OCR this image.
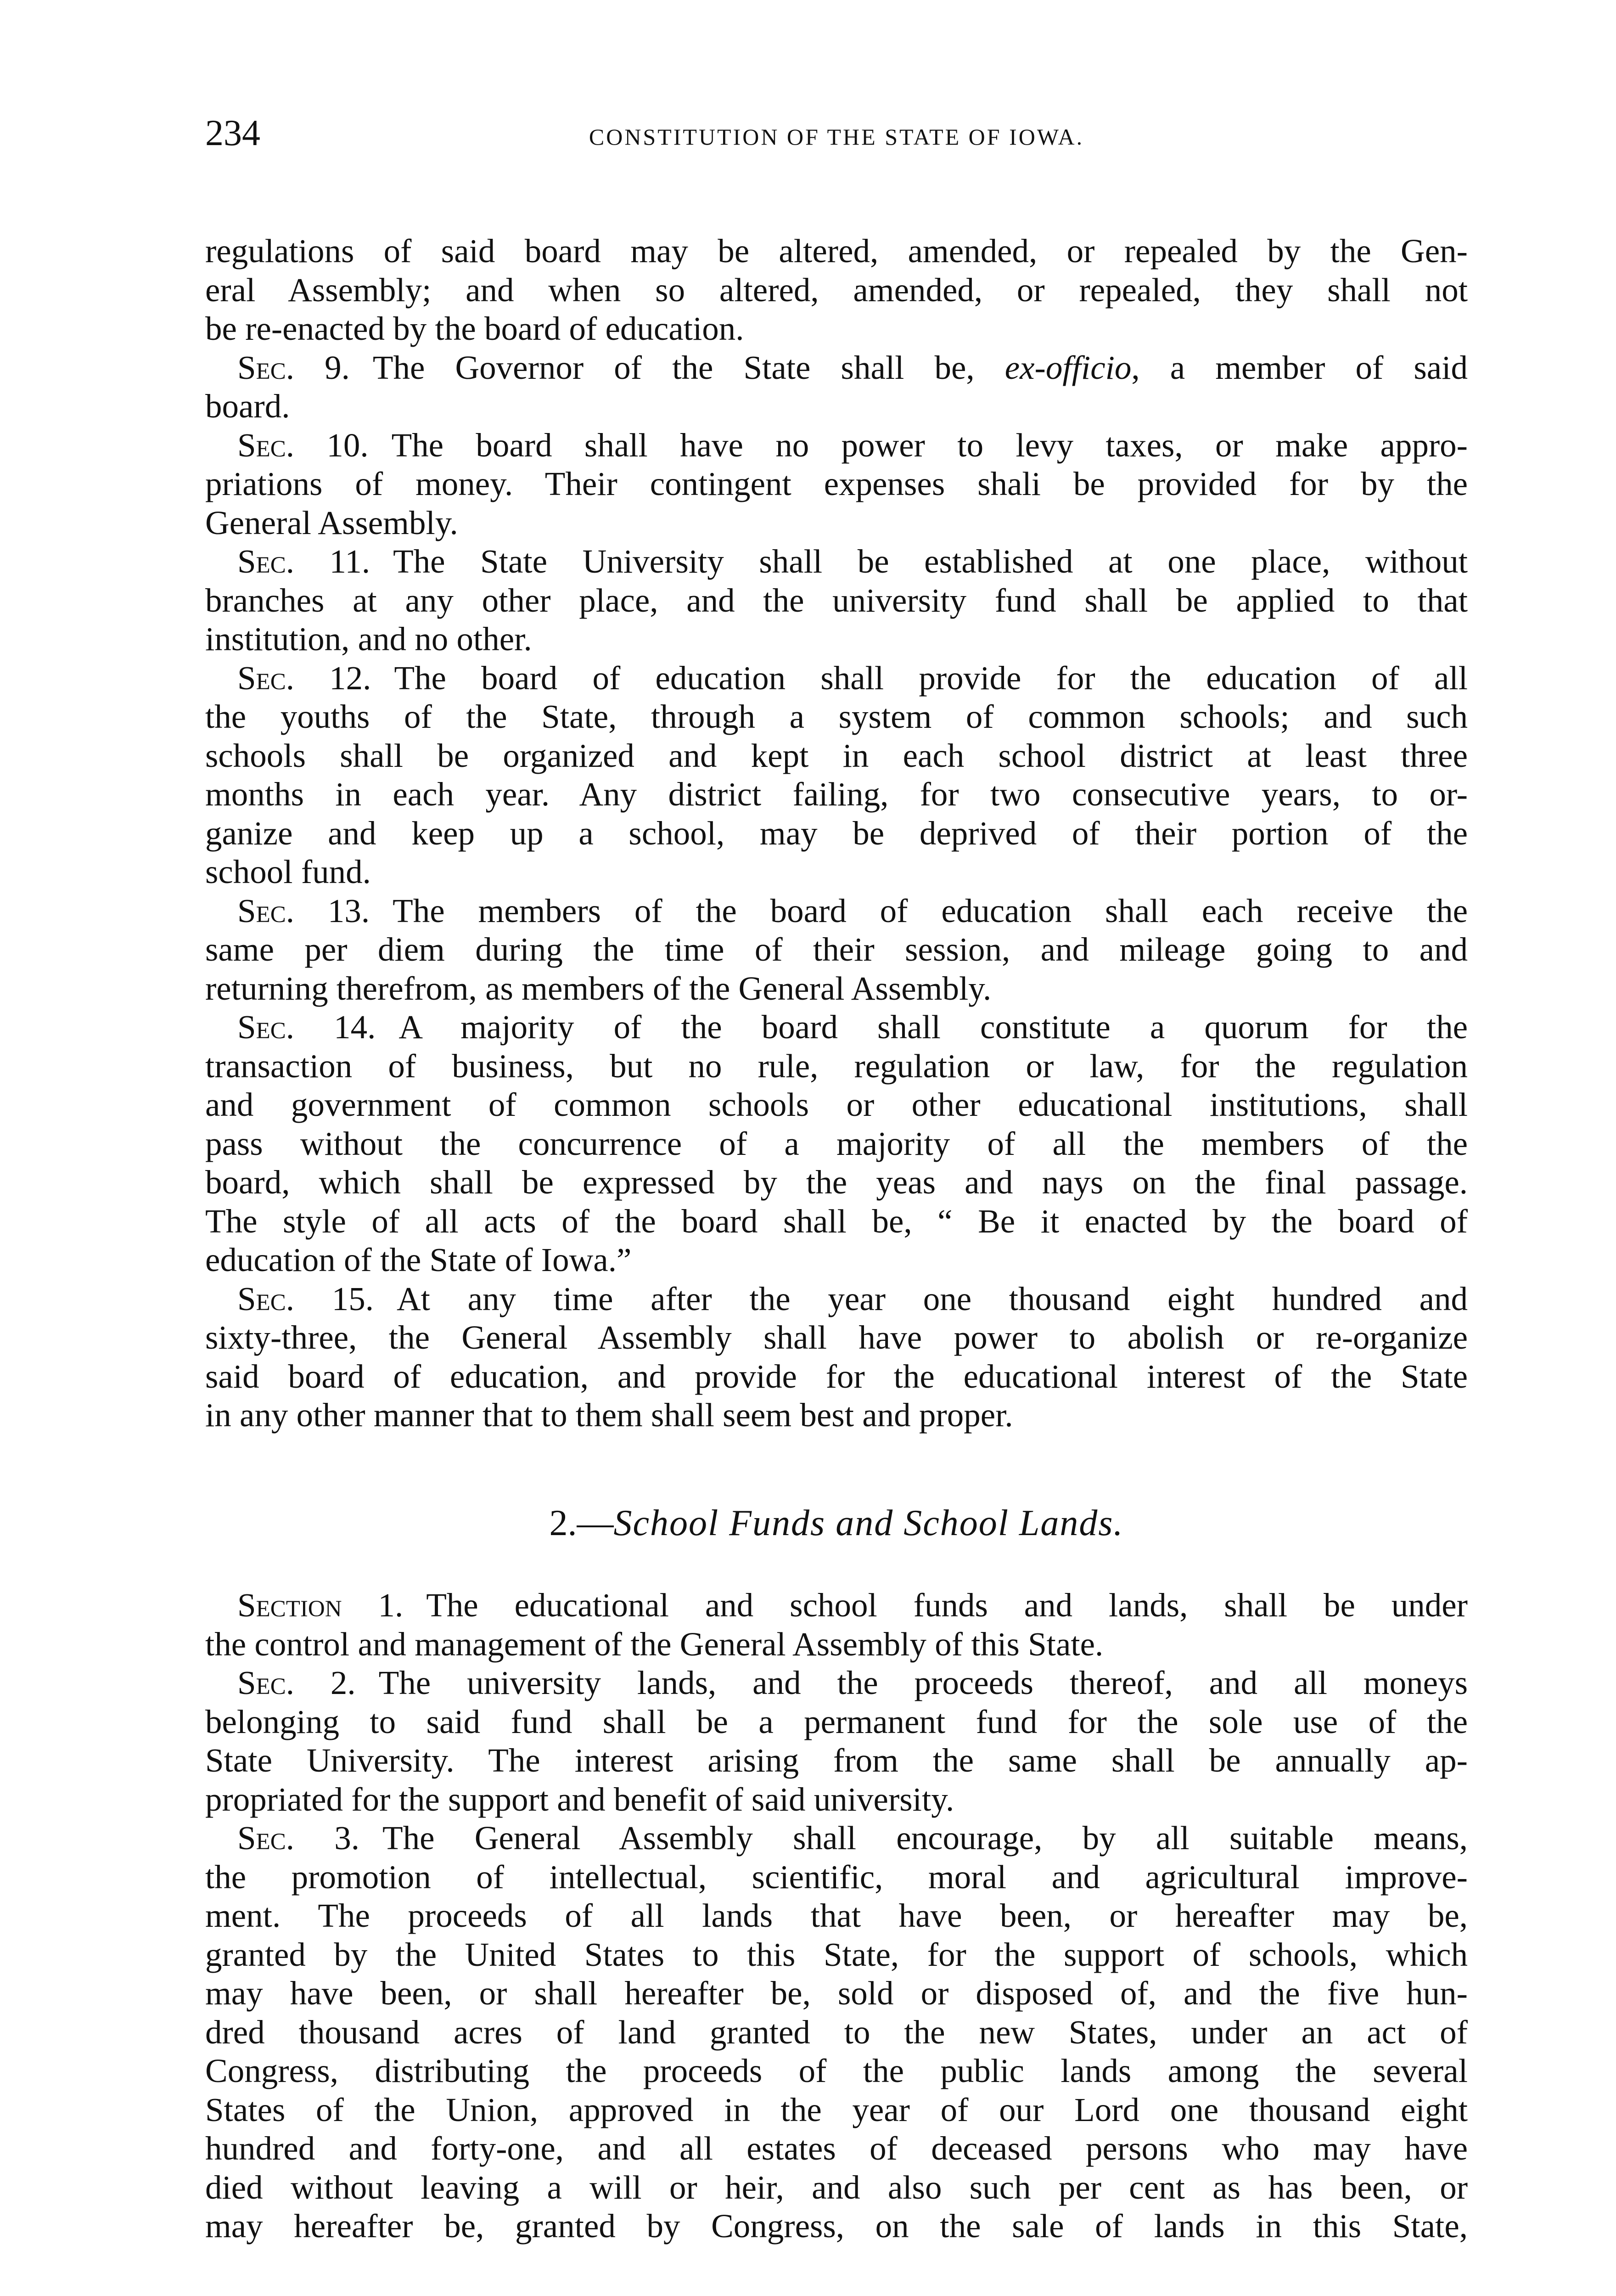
234	CONSTITUTION OF THE STATE OF IOWA.
regulations of said board may be altered, amended, or repealed by the Gen-
eral Assembly; and when so altered, amended, or repealed, they shall not
be re-enacted by the board of education.
Sec. 9. The Governor of the State shall be, ex-officio, a member of said
board.
Sec. 10. The board shall have no power to levy taxes, or make appro-
priations of money. Their contingent expenses shali be provided for by the
General Assembly.
Sec. 11. The State University shall be established at one place, without
branches at any other place, and the university fund shall be applied to that
institution, and no other.
Sec. 12. The board of education shall provide for the education of all
the youths of the State, through a system of common schools; and such
schools shall be organized and kept in each school district at least three
months in each year. Any district failing, for two consecutive years, to or-
ganize and keep up a school, may be deprived of their portion of the
school fund.
Sec. 13. The members of the board of education shall each receive the
same per diem during the time of their session, and mileage going to and
returning therefrom, as members of the General Assembly.
Sec. 14. A majority of the board shall constitute a quorum for the
transaction of business, but no rule, regulation or law, for the regulation
and government of common schools or other educational institutions, shall
pass without the concurrence of a majority of all the members of the
board, which shall be expressed by the yeas and nays on the final passage.
The style of all acts of the board shall be, “ Be it enacted by the board of
education of the State of Iowa.”
Sec. 15. At any time after the year one thousand eight hundred and
sixty-three, the General Assembly shall have power to abolish or re-organize
said board of education, and provide for the educational interest of the State
in any other manner that to them shall seem best and proper.
2.—School Funds and School Lands.
Section 1. The educational and school funds and lands, shall be under
the control and management of the General Assembly of this State.
Sec. 2. The university lands, and the proceeds thereof, and all moneys
belonging to said fund shall be a permanent fund for the sole use of the
State University. The interest arising from the same shall be annually ap-
propriated for the support and benefit of said university.
Sec. 3. The General Assembly shall encourage, by all suitable means,
the promotion of intellectual, scientific, moral and agricultural improve-
ment. The proceeds of all lands that have been, or hereafter may be,
granted by the United States to this State, for the support of schools, which
may have been, or shall hereafter be, sold or disposed of, and the five hun-
dred thousand acres of land granted to the new States, under an act of
Congress, distributing the proceeds of the public lands among the several
States of the Union, approved in the year of our Lord one thousand eight
hundred and forty-one, and all estates of deceased persons who may have
died without leaving a will or heir, and also such per cent as has been, or
may hereafter be, granted by Congress, on the sale of lands in this State,
